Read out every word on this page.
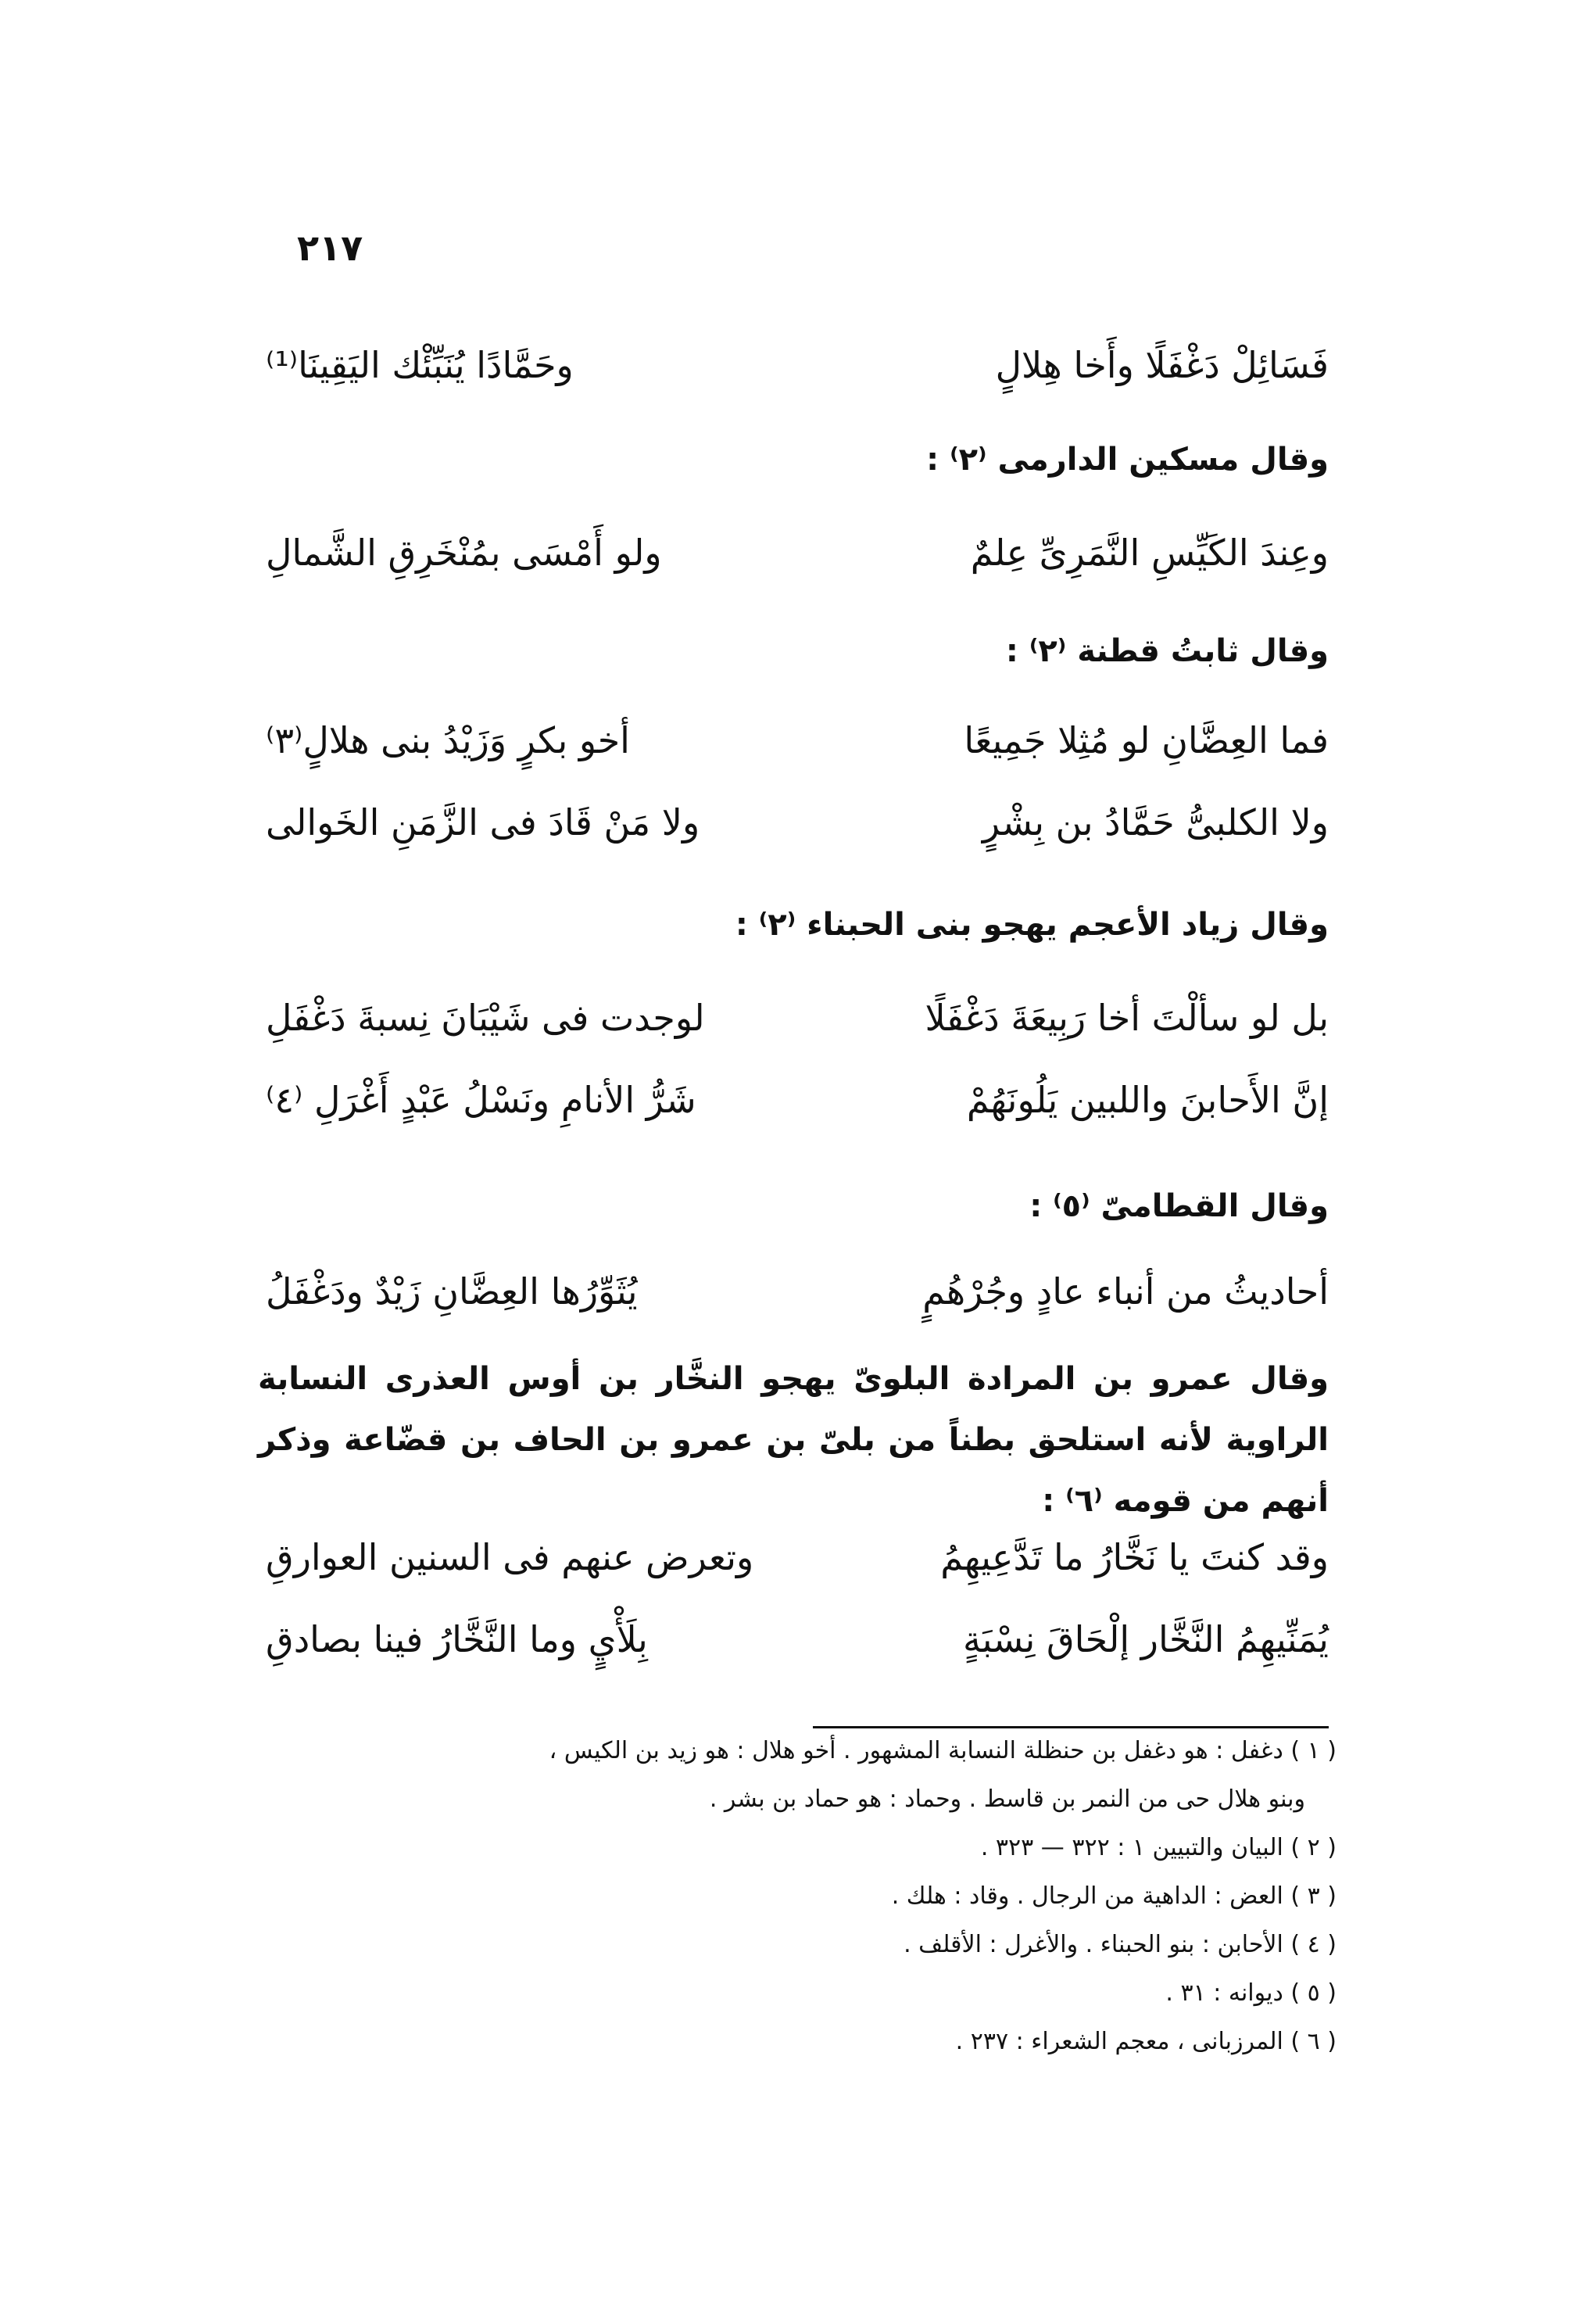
٢١٧
فَسَائِلْ دَغْفَلًا وأَخا هِلالٍ
وحَمَّادًا يُنَبِّئْك اليَقِينَا⁽¹⁾
وقال مسكين الدارمى ⁽٢⁾ :
وعِندَ الكَيِّسِ النَّمَرِىِّ عِلمٌ
ولو أَمْسَى بمُنْخَرِقِ الشَّمالِ
وقال ثابتُ قطنة ⁽٢⁾ :
فما العِضَّانِ لو مُثِلا جَمِيعًا
أخو بكرٍ وَزَيْدُ بنى هلالٍ⁽٣⁾
ولا الكلبىُّ حَمَّادُ بن بِشْرٍ
ولا مَنْ قَادَ فى الزَّمَنِ الخَوالى
وقال زياد الأعجم يهجو بنى الحبناء ⁽٢⁾ :
بل لو سألْتَ أخا رَبِيعَةَ دَغْفَلًا
لوجدت فى شَيْبَانَ نِسبةَ دَغْفَلِ
إنَّ الأَحابنَ واللبين يَلُونَهُمْ
شَرُّ الأنامِ ونَسْلُ عَبْدٍ أَغْرَلِ ⁽٤⁾
وقال القطامىّ ⁽٥⁾ :
أحاديثُ من أنباء عادٍ وجُرْهُمٍ
يُثَوِّرُها العِضَّانِ زَيْدٌ ودَغْفَلُ
وقال عمرو بن المرادة البلوىّ يهجو النخَّار بن أوس العذرى النسابة الراوية لأنه استلحق بطناً من بلىّ بن عمرو بن الحاف بن قضّاعة وذكر أنهم من قومه ⁽٦⁾ :
وقد كنتَ يا نَخَّارُ ما تَدَّعِيهِمُ
وتعرض عنهم فى السنين العوارقِ
يُمَنِّيهِمُ النَّخَّار إلْحَاقَ نِسْبَةٍ
بِلَأْيٍ وما النَّخَّارُ فينا بصادقِ
( ١ ) دغفل : هو دغفل بن حنظلة النسابة المشهور . أخو هلال : هو زيد بن الكيس ،
وبنو هلال حى من النمر بن قاسط . وحماد : هو حماد بن بشر .
( ٢ ) البيان والتبيين ١ : ٣٢٢ — ٣٢٣ .
( ٣ ) العض : الداهية من الرجال . وقاد : هلك .
( ٤ ) الأحابن : بنو الحبناء . والأغرل : الأقلف .
( ٥ ) ديوانه : ٣١ .
( ٦ ) المرزبانى ، معجم الشعراء : ٢٣٧ .
